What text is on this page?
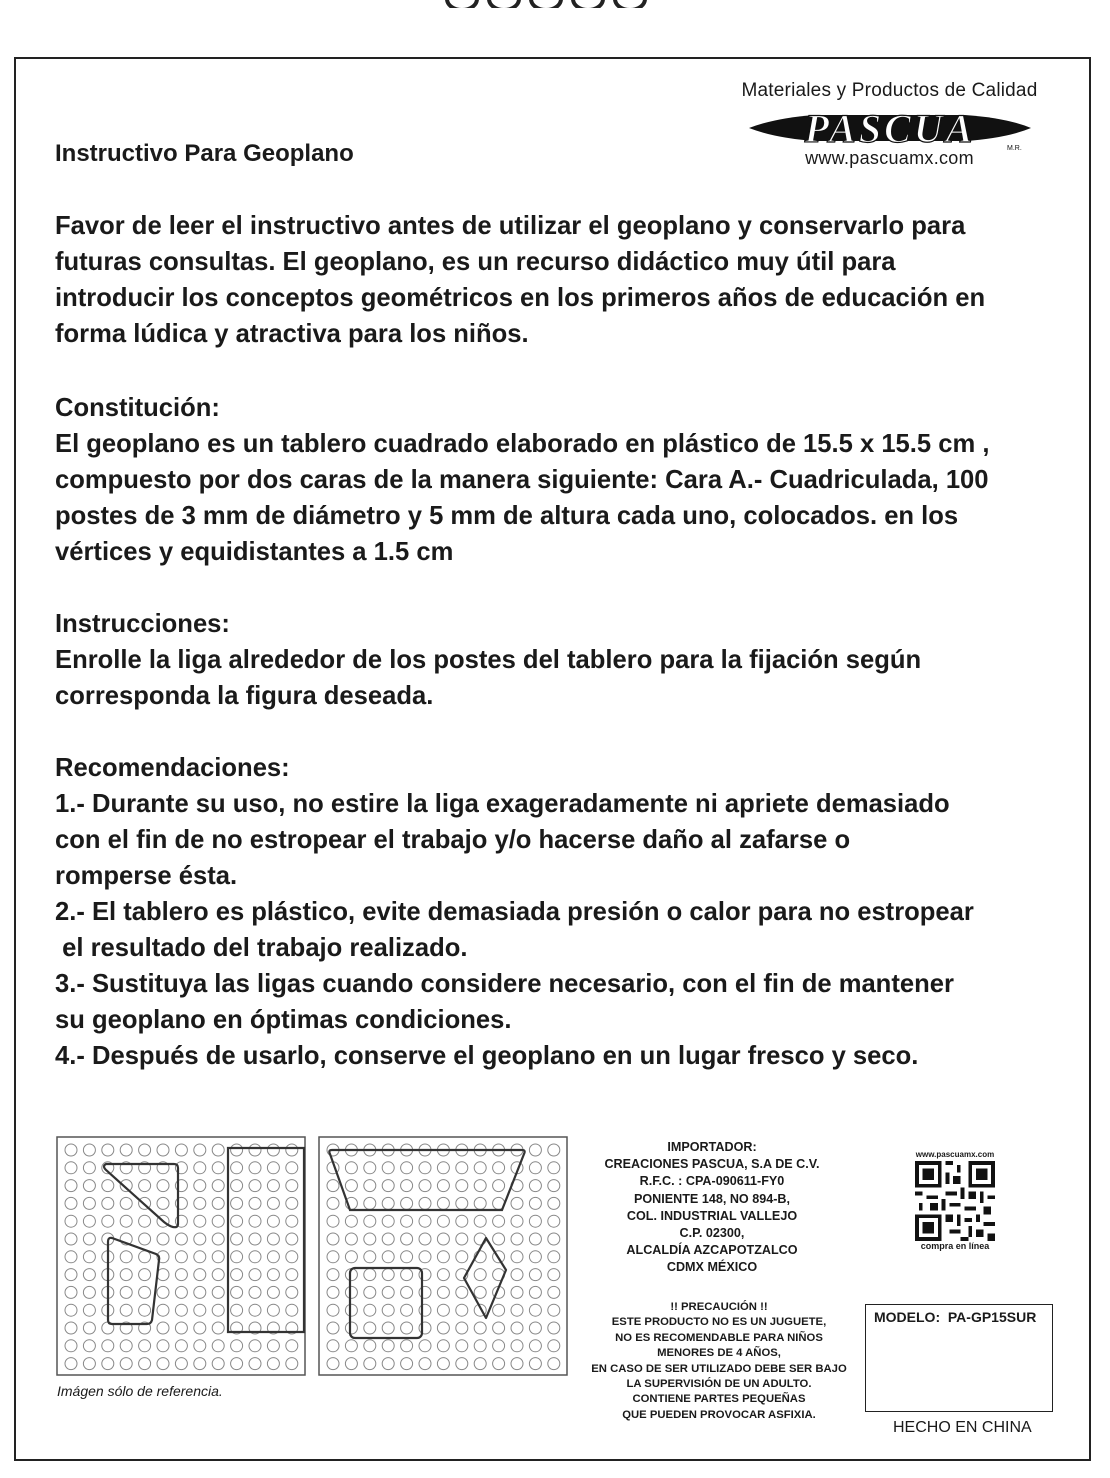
Materiales y Productos de Calidad
PASCUA	M.R.
www.pascuamx.com
Instructivo Para Geoplano

Favor de leer el instructivo antes de utilizar el geoplano y conservarlo para

futuras consultas. El geoplano, es un recurso didáctico muy útil para

introducir los conceptos geométricos en los primeros años de educación en

forma lúdica y atractiva para los niños.

Constitución:

El geoplano es un tablero cuadrado elaborado en plástico de 15.5 x 15.5 cm ,

compuesto por dos caras de la manera siguiente: Cara A.- Cuadriculada, 100

postes de 3 mm de diámetro y 5 mm de altura cada uno, colocados. en los

vértices y equidistantes a 1.5 cm

Instrucciones:

Enrolle la liga alrededor de los postes del tablero para la fijación según

corresponda la figura deseada.

Recomendaciones:

1.- Durante su uso, no estire la liga exageradamente ni apriete demasiado

con el fin de no estropear el trabajo y/o hacerse daño al zafarse o

romperse ésta.

2.- El tablero es plástico, evite demasiada presión o calor para no estropear

el resultado del trabajo realizado.

3.- Sustituya las ligas cuando considere necesario, con el fin de mantener

su geoplano en óptimas condiciones.

4.- Después de usarlo, conserve el geoplano en un lugar fresco y seco.

Imágen sólo de referencia.
IMPORTADOR:
CREACIONES PASCUA, S.A DE C.V.
R.F.C. : CPA-090611-FY0
PONIENTE 148, NO 894-B,
COL. INDUSTRIAL VALLEJO
C.P. 02300,
ALCALDÍA AZCAPOTZALCO
CDMX MÉXICO
!! PRECAUCIÓN !!
ESTE PRODUCTO NO ES UN JUGUETE,
NO ES RECOMENDABLE PARA NIÑOS
MENORES DE 4 AÑOS,
EN CASO DE SER UTILIZADO DEBE SER BAJO
LA SUPERVISIÓN DE UN ADULTO.
CONTIENE PARTES PEQUEÑAS
QUE PUEDEN PROVOCAR ASFIXIA.
www.pascuamx.com
compra en línea
MODELO:  PA-GP15SUR
HECHO EN CHINA
